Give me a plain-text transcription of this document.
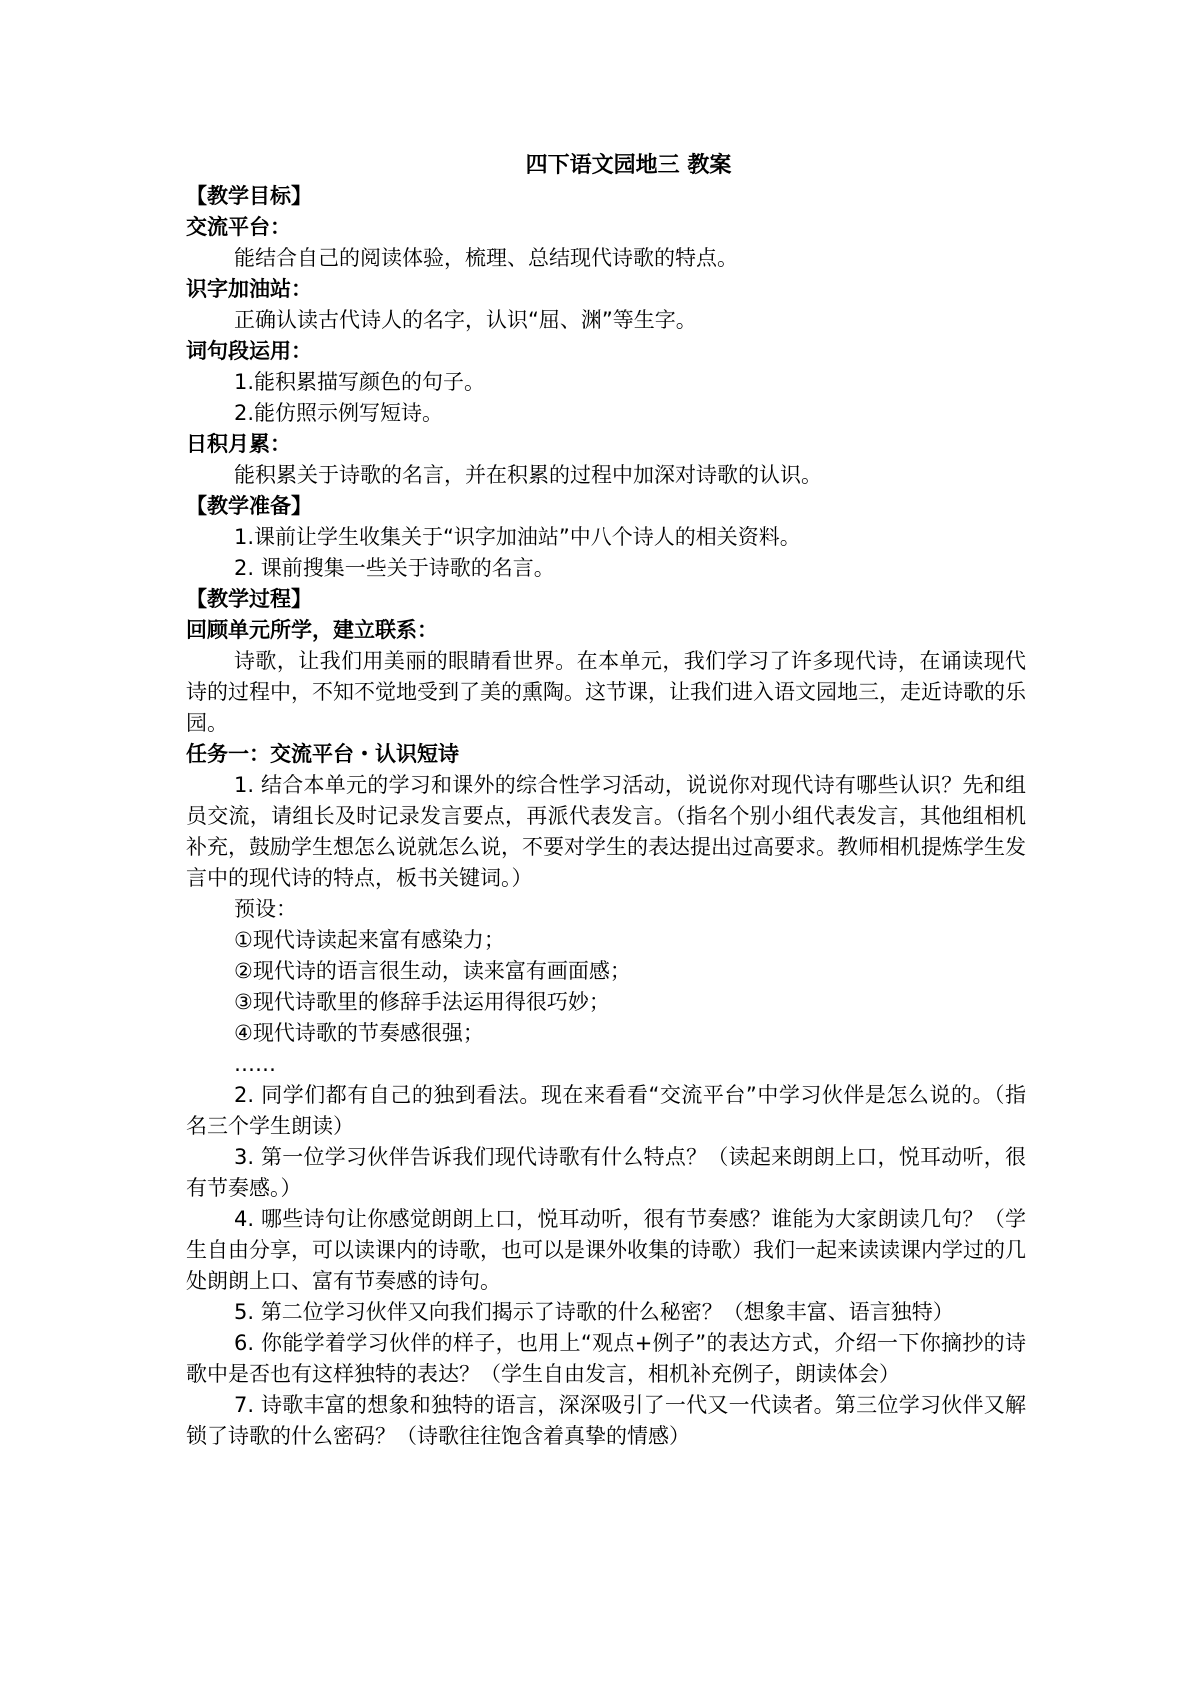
四下语文园地三 教案
【教学目标】
交流平台：
能结合自己的阅读体验，梳理、总结现代诗歌的特点。
识字加油站：
正确认读古代诗人的名字，认识“屈、渊”等生字。
词句段运用：
1.能积累描写颜色的句子。
2.能仿照示例写短诗。
日积月累：
能积累关于诗歌的名言，并在积累的过程中加深对诗歌的认识。
【教学准备】
1.课前让学生收集关于“识字加油站”中八个诗人的相关资料。
2. 课前搜集一些关于诗歌的名言。
【教学过程】
回顾单元所学，建立联系：
诗歌，让我们用美丽的眼睛看世界。在本单元，我们学习了许多现代诗，在诵读现代诗的过程中，不知不觉地受到了美的熏陶。这节课，让我们进入语文园地三，走近诗歌的乐园。
任务一：交流平台・认识短诗
1. 结合本单元的学习和课外的综合性学习活动，说说你对现代诗有哪些认识？先和组员交流，请组长及时记录发言要点，再派代表发言。（指名个别小组代表发言，其他组相机补充，鼓励学生想怎么说就怎么说，不要对学生的表达提出过高要求。教师相机提炼学生发言中的现代诗的特点，板书关键词。）
预设：
①现代诗读起来富有感染力；
②现代诗的语言很生动，读来富有画面感；
③现代诗歌里的修辞手法运用得很巧妙；
④现代诗歌的节奏感很强；
……
2. 同学们都有自己的独到看法。现在来看看“交流平台”中学习伙伴是怎么说的。（指名三个学生朗读）
3. 第一位学习伙伴告诉我们现代诗歌有什么特点？（读起来朗朗上口，悦耳动听，很有节奏感。）
4. 哪些诗句让你感觉朗朗上口，悦耳动听，很有节奏感？谁能为大家朗读几句？（学生自由分享，可以读课内的诗歌，也可以是课外收集的诗歌）我们一起来读读课内学过的几处朗朗上口、富有节奏感的诗句。
5. 第二位学习伙伴又向我们揭示了诗歌的什么秘密？（想象丰富、语言独特）
6. 你能学着学习伙伴的样子，也用上“观点+例子”的表达方式，介绍一下你摘抄的诗歌中是否也有这样独特的表达？（学生自由发言，相机补充例子，朗读体会）
7. 诗歌丰富的想象和独特的语言，深深吸引了一代又一代读者。第三位学习伙伴又解锁了诗歌的什么密码？（诗歌往往饱含着真挚的情感）
